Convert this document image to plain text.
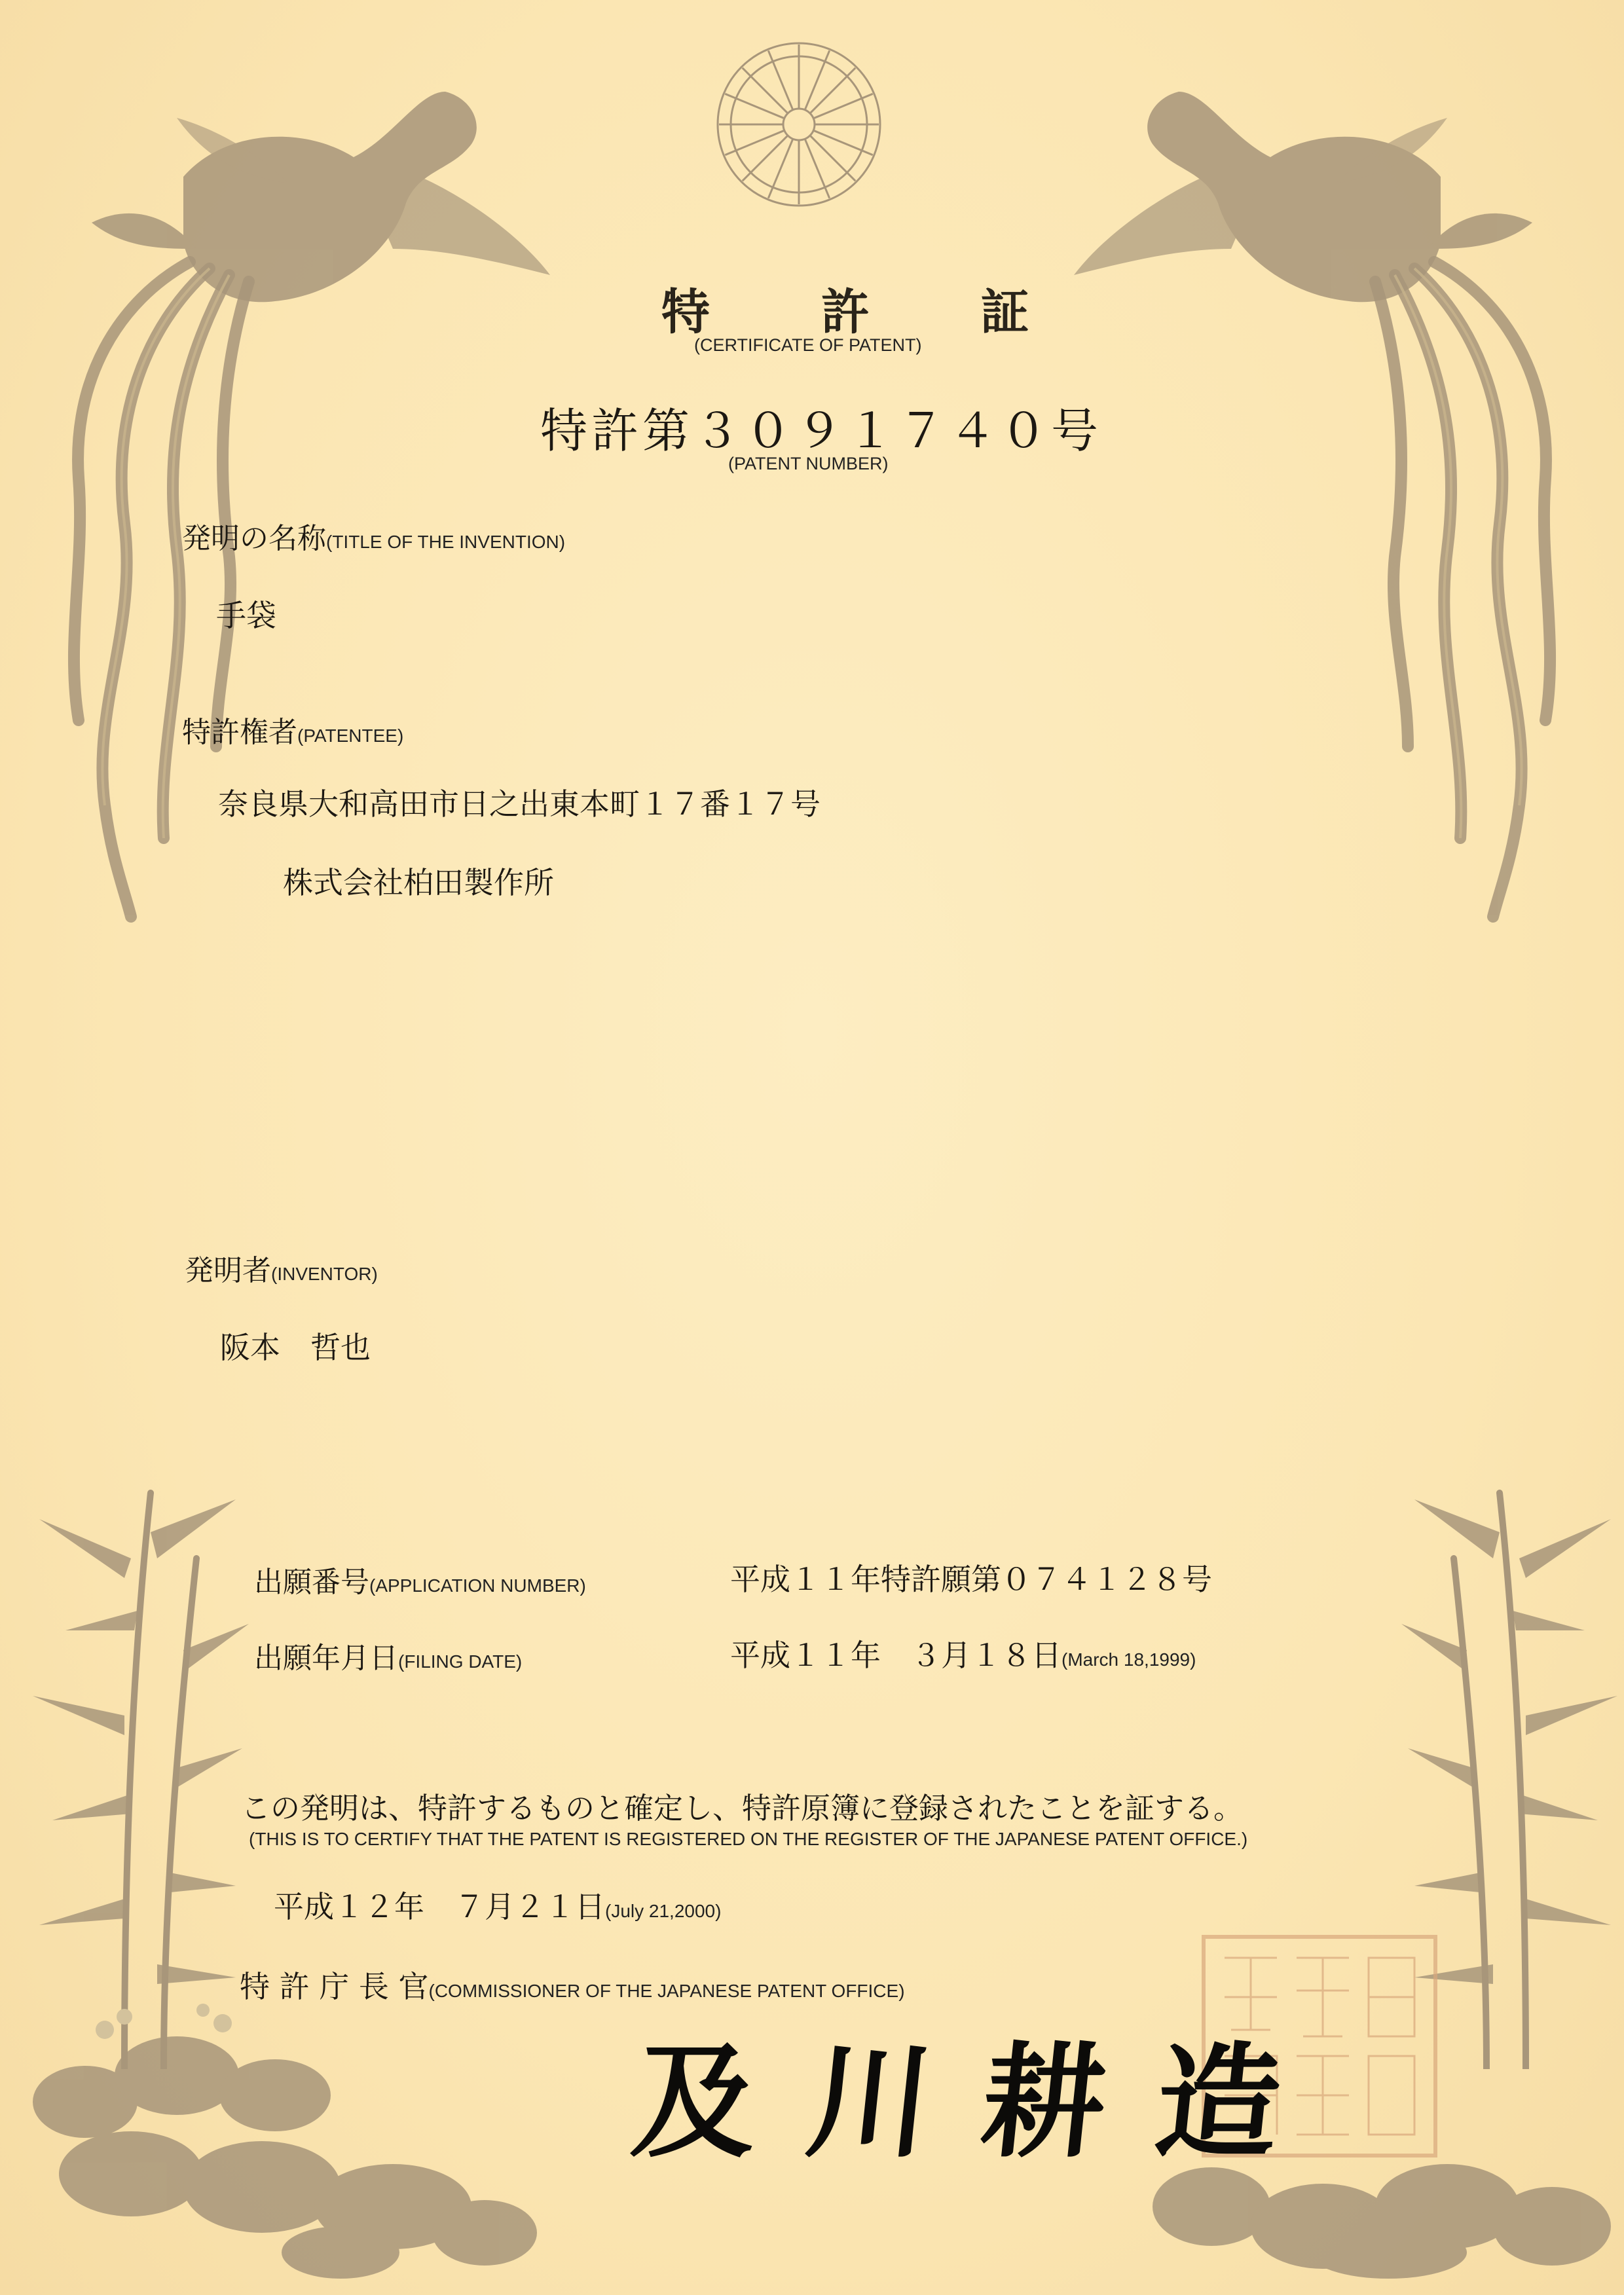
特 許 証
(CERTIFICATE OF PATENT)
特許第３０９１７４０号
(PATENT NUMBER)
発明の名称(TITLE OF THE INVENTION)
手袋
特許権者(PATENTEE)
奈良県大和高田市日之出東本町１７番１７号
株式会社柏田製作所
発明者(INVENTOR)
阪本　哲也
出願番号(APPLICATION NUMBER)	平成１１年特許願第０７４１２８号
出願年月日(FILING DATE)	平成１１年　３月１８日(March 18,1999)
この発明は、特許するものと確定し、特許原簿に登録されたことを証する。
(THIS IS TO CERTIFY THAT THE PATENT IS REGISTERED ON THE REGISTER OF THE JAPANESE PATENT OFFICE.)
平成１２年　７月２１日(July 21,2000)
特 許 庁 長 官(COMMISSIONER OF THE JAPANESE PATENT OFFICE)
及川耕造
